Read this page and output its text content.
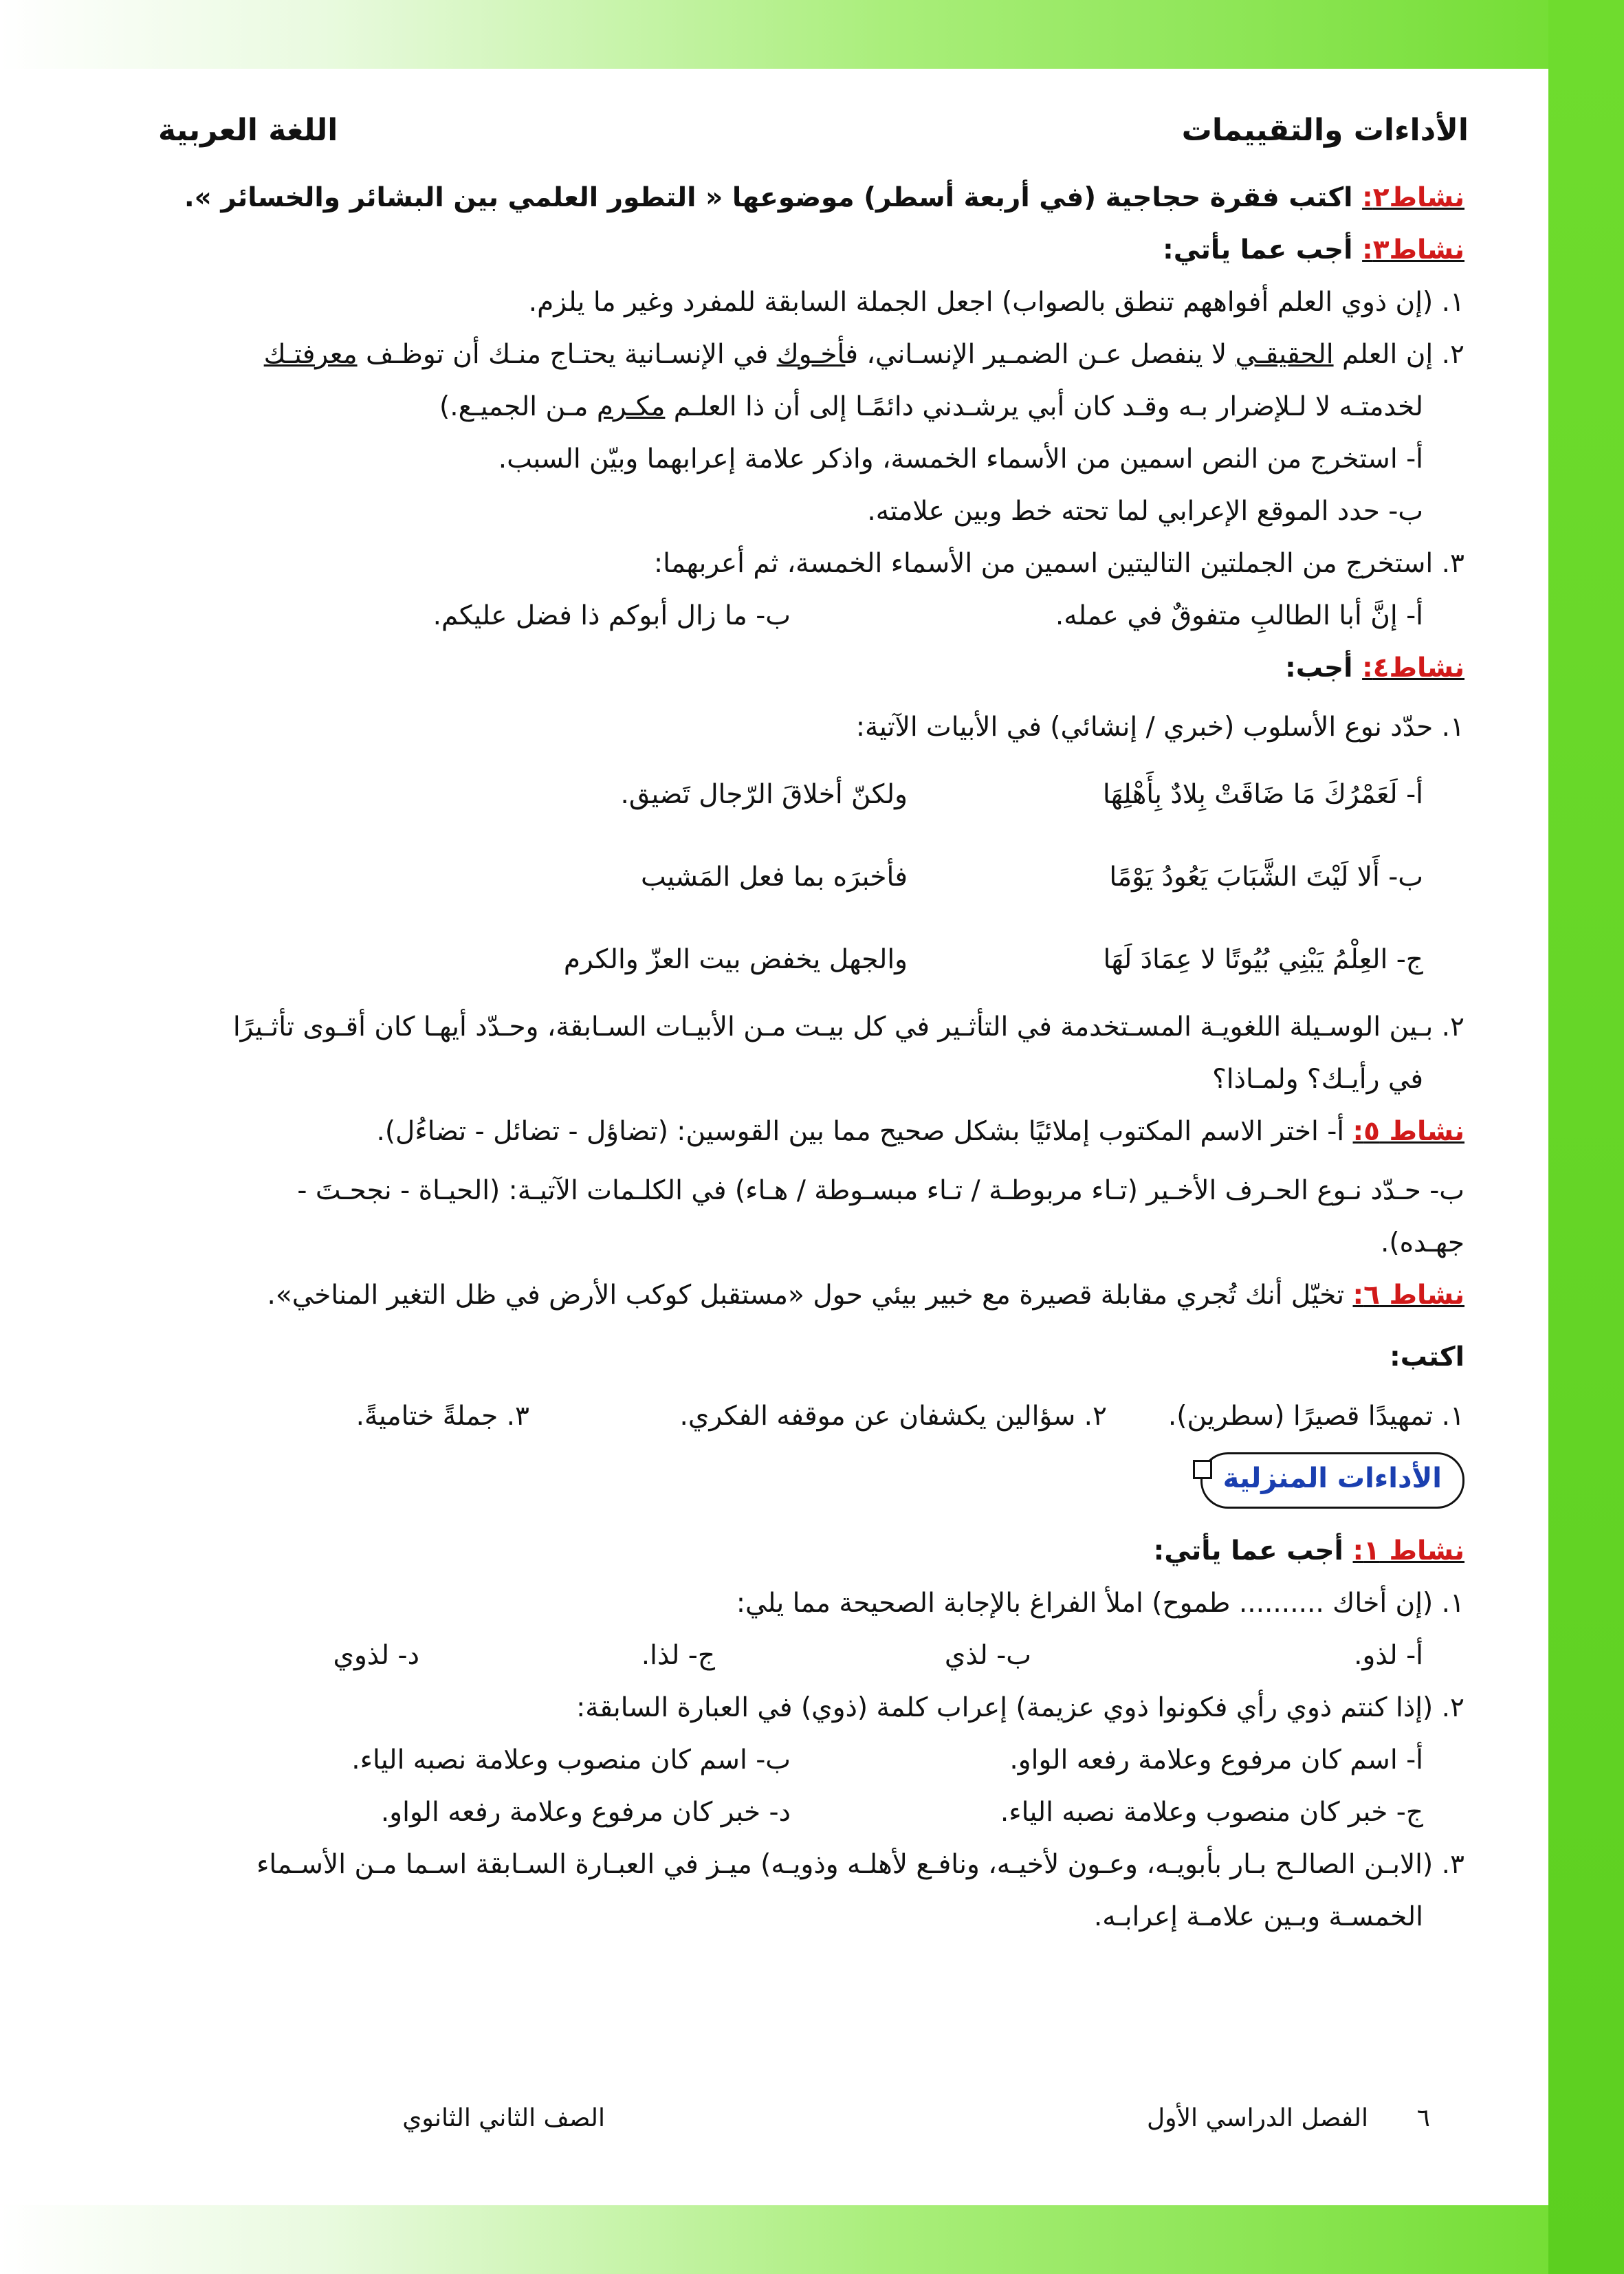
الأداءات والتقييمات
اللغة العربية
نشاط٢: اكتب فقرة حجاجية (في أربعة أسطر) موضوعها « التطور العلمي بين البشائر والخسائر ».
نشاط٣: أجب عما يأتي:
١. (إن ذوي العلم أفواههم تنطق بالصواب) اجعل الجملة السابقة للمفرد وغير ما يلزم.
٢. إن العلم الحقيقـي لا ينفصل عـن الضمـير الإنسـاني، فأخـوك في الإنسـانية يحتـاج منـك أن توظـف معرفتـك
لخدمتـه لا لـلإضرار بـه وقـد كان أبي يرشـدني دائمًـا إلى أن ذا العلـم مكـرم مـن الجميـع.)
أ- استخرج من النص اسمين من الأسماء الخمسة، واذكر علامة إعرابهما وبيّن السبب.
ب- حدد الموقع الإعرابي لما تحته خط وبين علامته.
٣. استخرج من الجملتين التاليتين اسمين من الأسماء الخمسة، ثم أعربهما:
أ- إنَّ أبا الطالبِ متفوقٌ في عمله.ب- ما زال أبوكم ذا فضل عليكم.
نشاط٤: أجب:
١. حدّد نوع الأسلوب (خبري / إنشائي) في الأبيات الآتية:
أ- لَعَمْرُكَ مَا ضَاقَتْ بِلادٌ بِأَهْلِهَاولكنّ أخلاقَ الرّجال تَضيق.
ب- أَلا لَيْتَ الشَّبَابَ يَعُودُ يَوْمًافأخبرَه بما فعل المَشيب
ج- العِلْمُ يَبْنِي بُيُوتًا لا عِمَادَ لَهَاوالجهل يخفض بيت العزّ والكرم
٢. بـين الوسـيلة اللغويـة المسـتخدمة في التأثـير في كل بيـت مـن الأبيـات السـابقة، وحـدّد أيهـا كان أقـوى تأثـيرًا
في رأيـك؟ ولمـاذا؟
نشاط ٥: أ- اختر الاسم المكتوب إملائيًا بشكل صحيح مما بين القوسين: (تضاؤل - تضائل - تضاءُل).
ب- حـدّد نـوع الحـرف الأخـير (تـاء مربوطـة / تـاء مبسـوطة / هـاء) في الكلـمات الآتيـة: (الحيـاة - نجحـتَ -
جهـده).
نشاط ٦: تخيّل أنك تُجري مقابلة قصيرة مع خبير بيئي حول «مستقبل كوكب الأرض في ظل التغير المناخي».
اكتب:
١. تمهيدًا قصيرًا (سطرين).٢. سؤالين يكشفان عن موقفه الفكري.٣. جملةً ختاميةً.
الأداءات المنزلية
نشاط ١: أجب عما يأتي:
١. (إن أخاك .......... طموح) املأ الفراغ بالإجابة الصحيحة مما يلي:
أ- لذو.ب- لذيج- لذا.د- لذوي
٢. (إذا كنتم ذوي رأي فكونوا ذوي عزيمة) إعراب كلمة (ذوي) في العبارة السابقة:
أ- اسم كان مرفوع وعلامة رفعه الواو.ب- اسم كان منصوب وعلامة نصبه الياء.
ج- خبر كان منصوب وعلامة نصبه الياء.د- خبر كان مرفوع وعلامة رفعه الواو.
٣. (الابـن الصالـح بـار بأبويـه، وعـون لأخيـه، ونافـع لأهلـه وذويـه) ميـز في العبـارة السـابقة اسـما مـن الأسـماء
الخمسـة وبـين علامـة إعرابـه.
٦
الفصل الدراسي الأول
الصف الثاني الثانوي
